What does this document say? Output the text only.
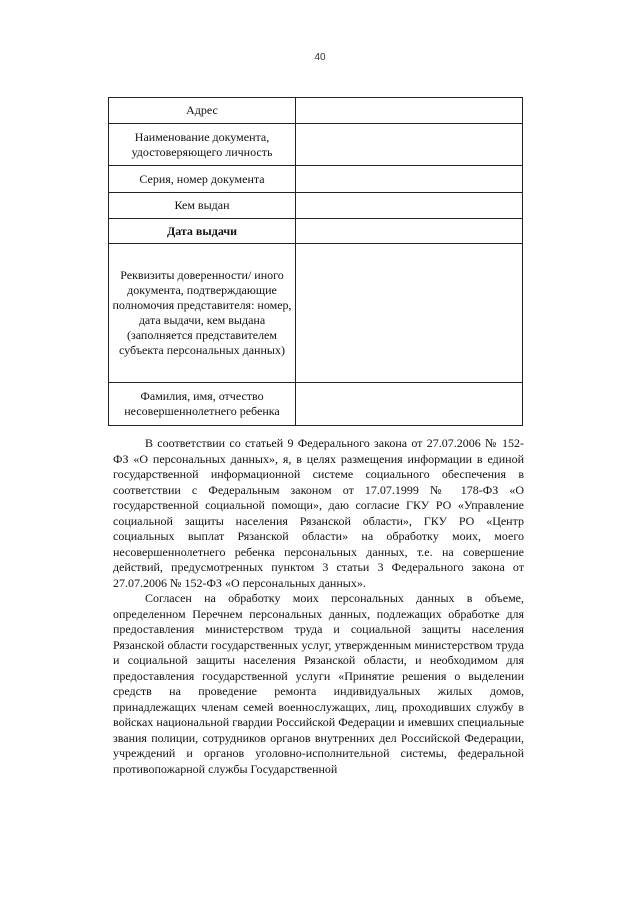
40
Адрес	
Наименование документа, удостоверяющего личность	
Серия, номер документа	
Кем выдан	
Дата выдачи	
Реквизиты доверенности/ иного документа, подтверждающие полномочия представителя: номер, дата выдачи, кем выдана (заполняется представителем субъекта персональных данных)	
Фамилия, имя, отчество несовершеннолетнего ребенка	

В соответствии со статьей 9 Федерального закона от 27.07.2006 № 152-ФЗ «О персональных данных», я, в целях размещения информации в единой государственной информационной системе социального обеспечения в соответствии с Федеральным законом от 17.07.1999 № 178-ФЗ «О государственной социальной помощи», даю согласие ГКУ РО «Управление социальной защиты населения Рязанской области», ГКУ РО «Центр социальных выплат Рязанской области» на обработку моих, моего несовершеннолетнего ребенка персональных данных, т.е. на совершение действий, предусмотренных пунктом 3 статьи 3 Федерального закона от 27.07.2006 № 152-ФЗ «О персональных данных».

Согласен на обработку моих персональных данных в объеме, определенном Перечнем персональных данных, подлежащих обработке для предоставления министерством труда и социальной защиты населения Рязанской области государственных услуг, утвержденным министерством труда и социальной защиты населения Рязанской области, и необходимом для предоставления государственной услуги «Принятие решения о выделении средств на проведение ремонта индивидуальных жилых домов, принадлежащих членам семей военнослужащих, лиц, проходивших службу в войсках национальной гвардии Российской Федерации и имевших специальные звания полиции, сотрудников органов внутренних дел Российской Федерации, учреждений и органов уголовно-исполнительной системы, федеральной противопожарной службы Государственной
